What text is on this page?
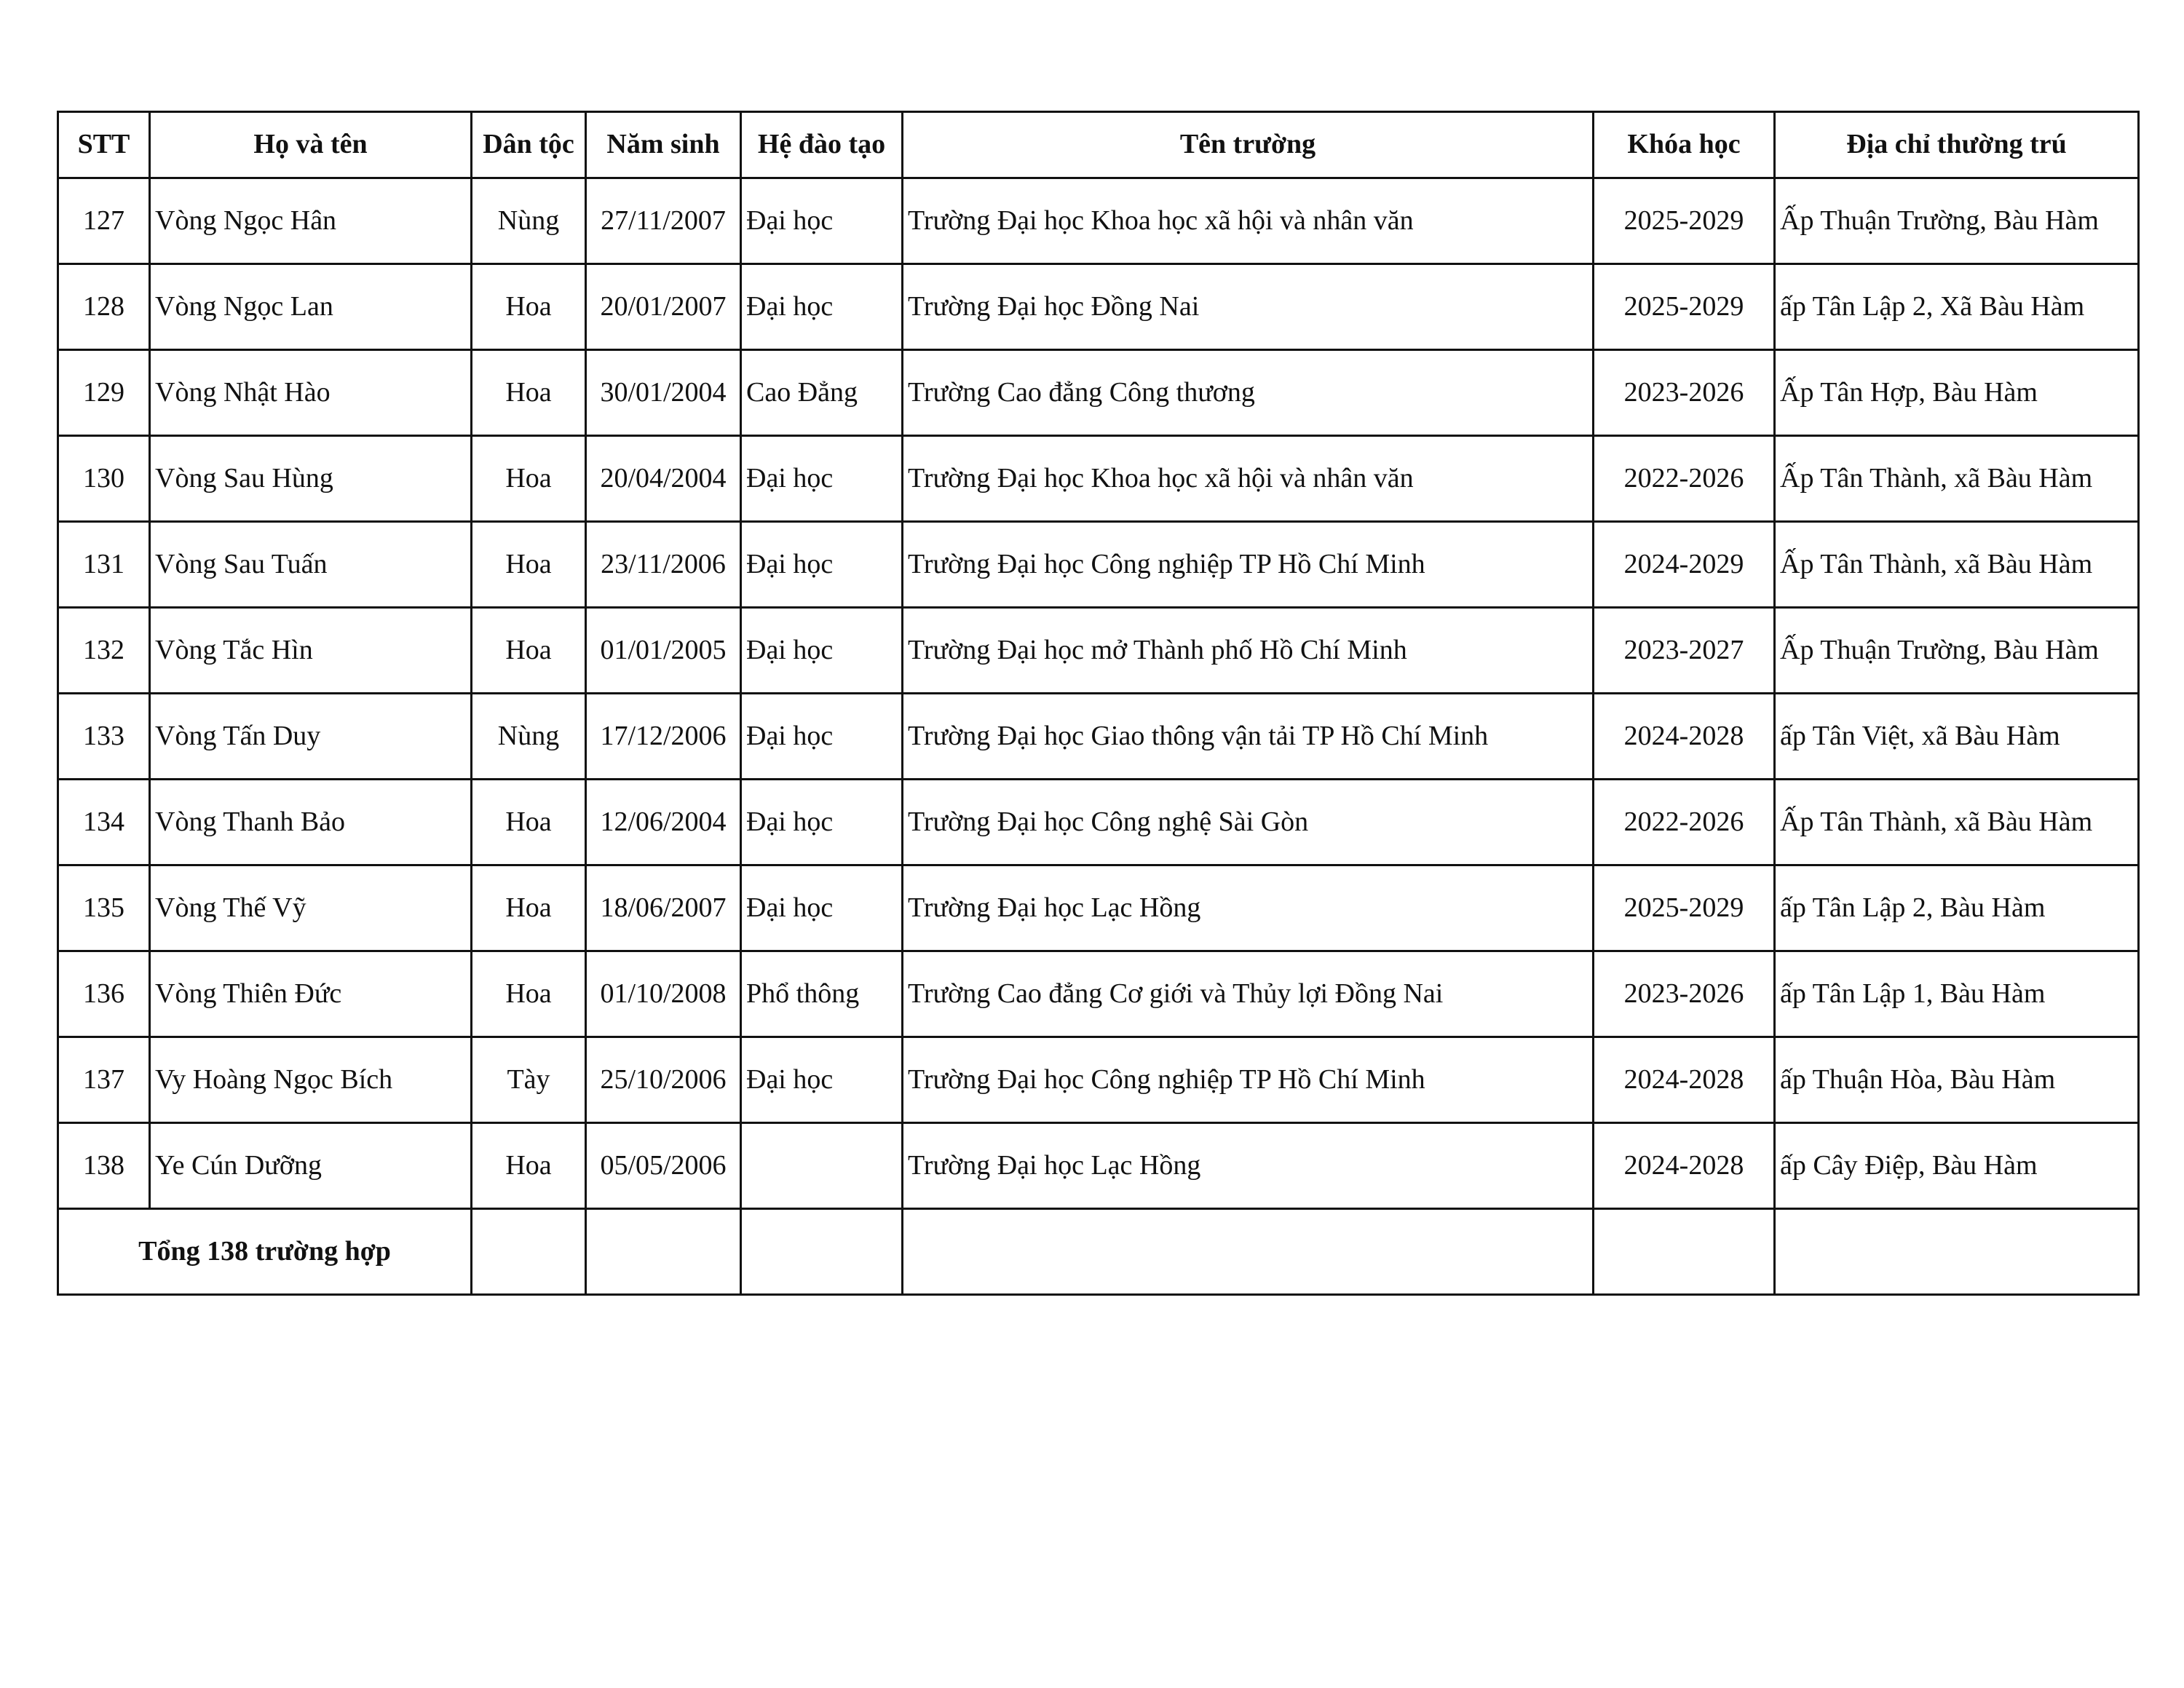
STT	Họ và tên	Dân tộc	Năm sinh	Hệ đào tạo	Tên trường	Khóa học	Địa chỉ thường trú
127	Vòng Ngọc Hân	Nùng	27/11/2007	Đại học	Trường Đại học Khoa học xã hội và nhân văn	2025-2029	Ấp Thuận Trường, Bàu Hàm
128	Vòng Ngọc Lan	Hoa	20/01/2007	Đại học	Trường Đại học Đồng Nai	2025-2029	ấp Tân Lập 2, Xã Bàu Hàm
129	Vòng Nhật Hào	Hoa	30/01/2004	Cao Đẳng	Trường Cao đẳng Công thương	2023-2026	Ấp Tân Hợp, Bàu Hàm
130	Vòng Sau Hùng	Hoa	20/04/2004	Đại học	Trường Đại học Khoa học xã hội và nhân văn	2022-2026	Ấp Tân Thành, xã Bàu Hàm
131	Vòng Sau Tuấn	Hoa	23/11/2006	Đại học	Trường Đại học Công nghiệp TP Hồ Chí Minh	2024-2029	Ấp Tân Thành, xã Bàu Hàm
132	Vòng Tắc Hìn	Hoa	01/01/2005	Đại học	Trường Đại học mở Thành phố Hồ Chí Minh	2023-2027	Ấp Thuận Trường, Bàu Hàm
133	Vòng Tấn Duy	Nùng	17/12/2006	Đại học	Trường Đại học Giao thông vận tải TP Hồ Chí Minh	2024-2028	ấp Tân Việt, xã Bàu Hàm
134	Vòng Thanh Bảo	Hoa	12/06/2004	Đại học	Trường Đại học Công nghệ Sài Gòn	2022-2026	Ấp Tân Thành, xã Bàu Hàm
135	Vòng Thế Vỹ	Hoa	18/06/2007	Đại học	Trường Đại học Lạc Hồng	2025-2029	ấp Tân Lập 2, Bàu Hàm
136	Vòng Thiên Đức	Hoa	01/10/2008	Phổ thông	Trường Cao đẳng Cơ giới và Thủy lợi Đồng Nai	2023-2026	ấp Tân Lập 1, Bàu Hàm
137	Vy Hoàng Ngọc Bích	Tày	25/10/2006	Đại học	Trường Đại học Công nghiệp TP Hồ Chí Minh	2024-2028	ấp Thuận Hòa, Bàu Hàm
138	Ye Cún Dưỡng	Hoa	05/05/2006		Trường Đại học Lạc Hồng	2024-2028	ấp Cây Điệp, Bàu Hàm
Tổng 138 trường hợp							
